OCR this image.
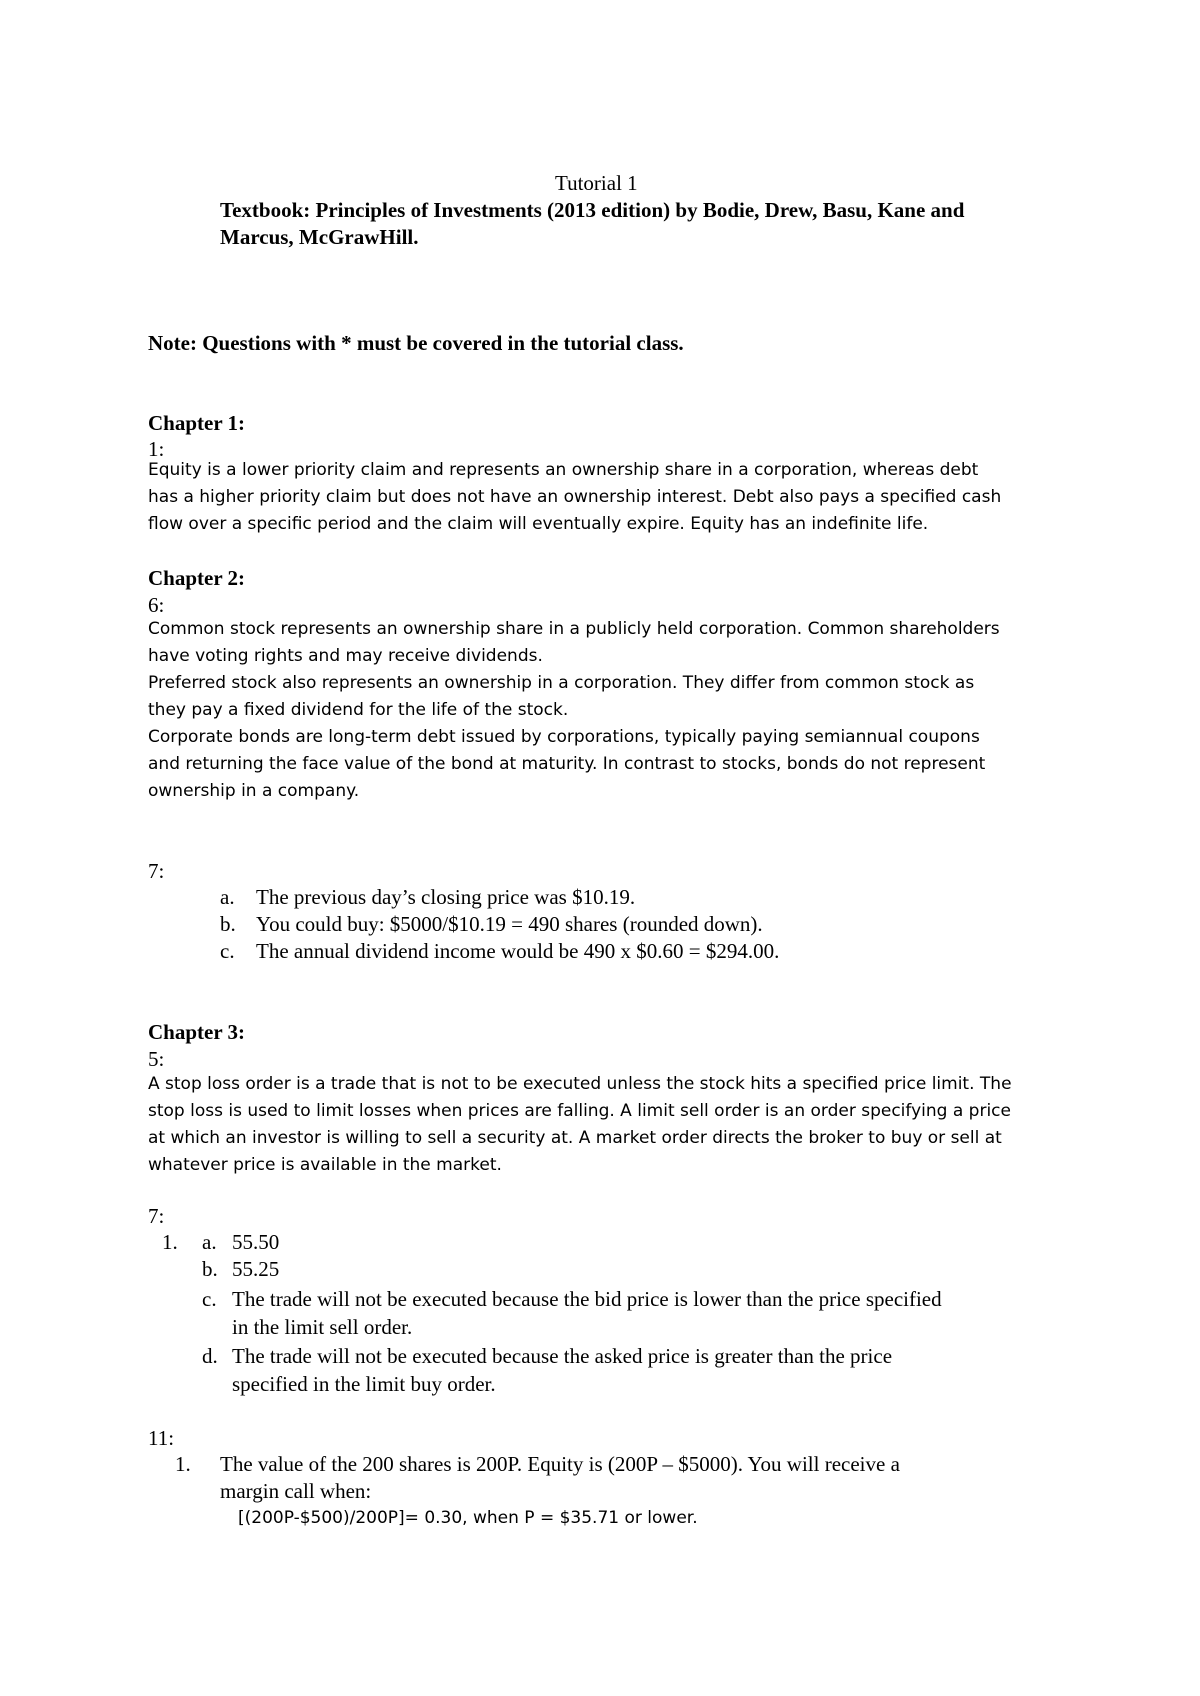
Tutorial 1

Textbook: Principles of Investments (2013 edition) by Bodie, Drew, Basu, Kane and
Marcus, McGrawHill.

Note: Questions with * must be covered in the tutorial class.

Chapter 1:

1:

Equity is a lower priority claim and represents an ownership share in a corporation, whereas debt
has a higher priority claim but does not have an ownership interest. Debt also pays a specified cash
flow over a specific period and the claim will eventually expire. Equity has an indefinite life.

Chapter 2:

6:

Common stock represents an ownership share in a publicly held corporation. Common shareholders
have voting rights and may receive dividends.
Preferred stock also represents an ownership in a corporation. They differ from common stock as
they pay a fixed dividend for the life of the stock.
Corporate bonds are long-term debt issued by corporations, typically paying semiannual coupons
and returning the face value of the bond at maturity. In contrast to stocks, bonds do not represent
ownership in a company.

7:

a. The previous day’s closing price was $10.19.
b. You could buy: $5000/$10.19 = 490 shares (rounded down).
c. The annual dividend income would be 490 x $0.60 = $294.00.

Chapter 3:

5:

A stop loss order is a trade that is not to be executed unless the stock hits a specified price limit. The
stop loss is used to limit losses when prices are falling. A limit sell order is an order specifying a price
at which an investor is willing to sell a security at. A market order directs the broker to buy or sell at
whatever price is available in the market.

7:

1. a. 55.50
b. 55.25
c. The trade will not be executed because the bid price is lower than the price specified
in the limit sell order.
d. The trade will not be executed because the asked price is greater than the price
specified in the limit buy order.

11:

1. The value of the 200 shares is 200P. Equity is (200P – $5000). You will receive a

margin call when:

[(200P-$500)/200P]= 0.30, when P = $35.71 or lower.
